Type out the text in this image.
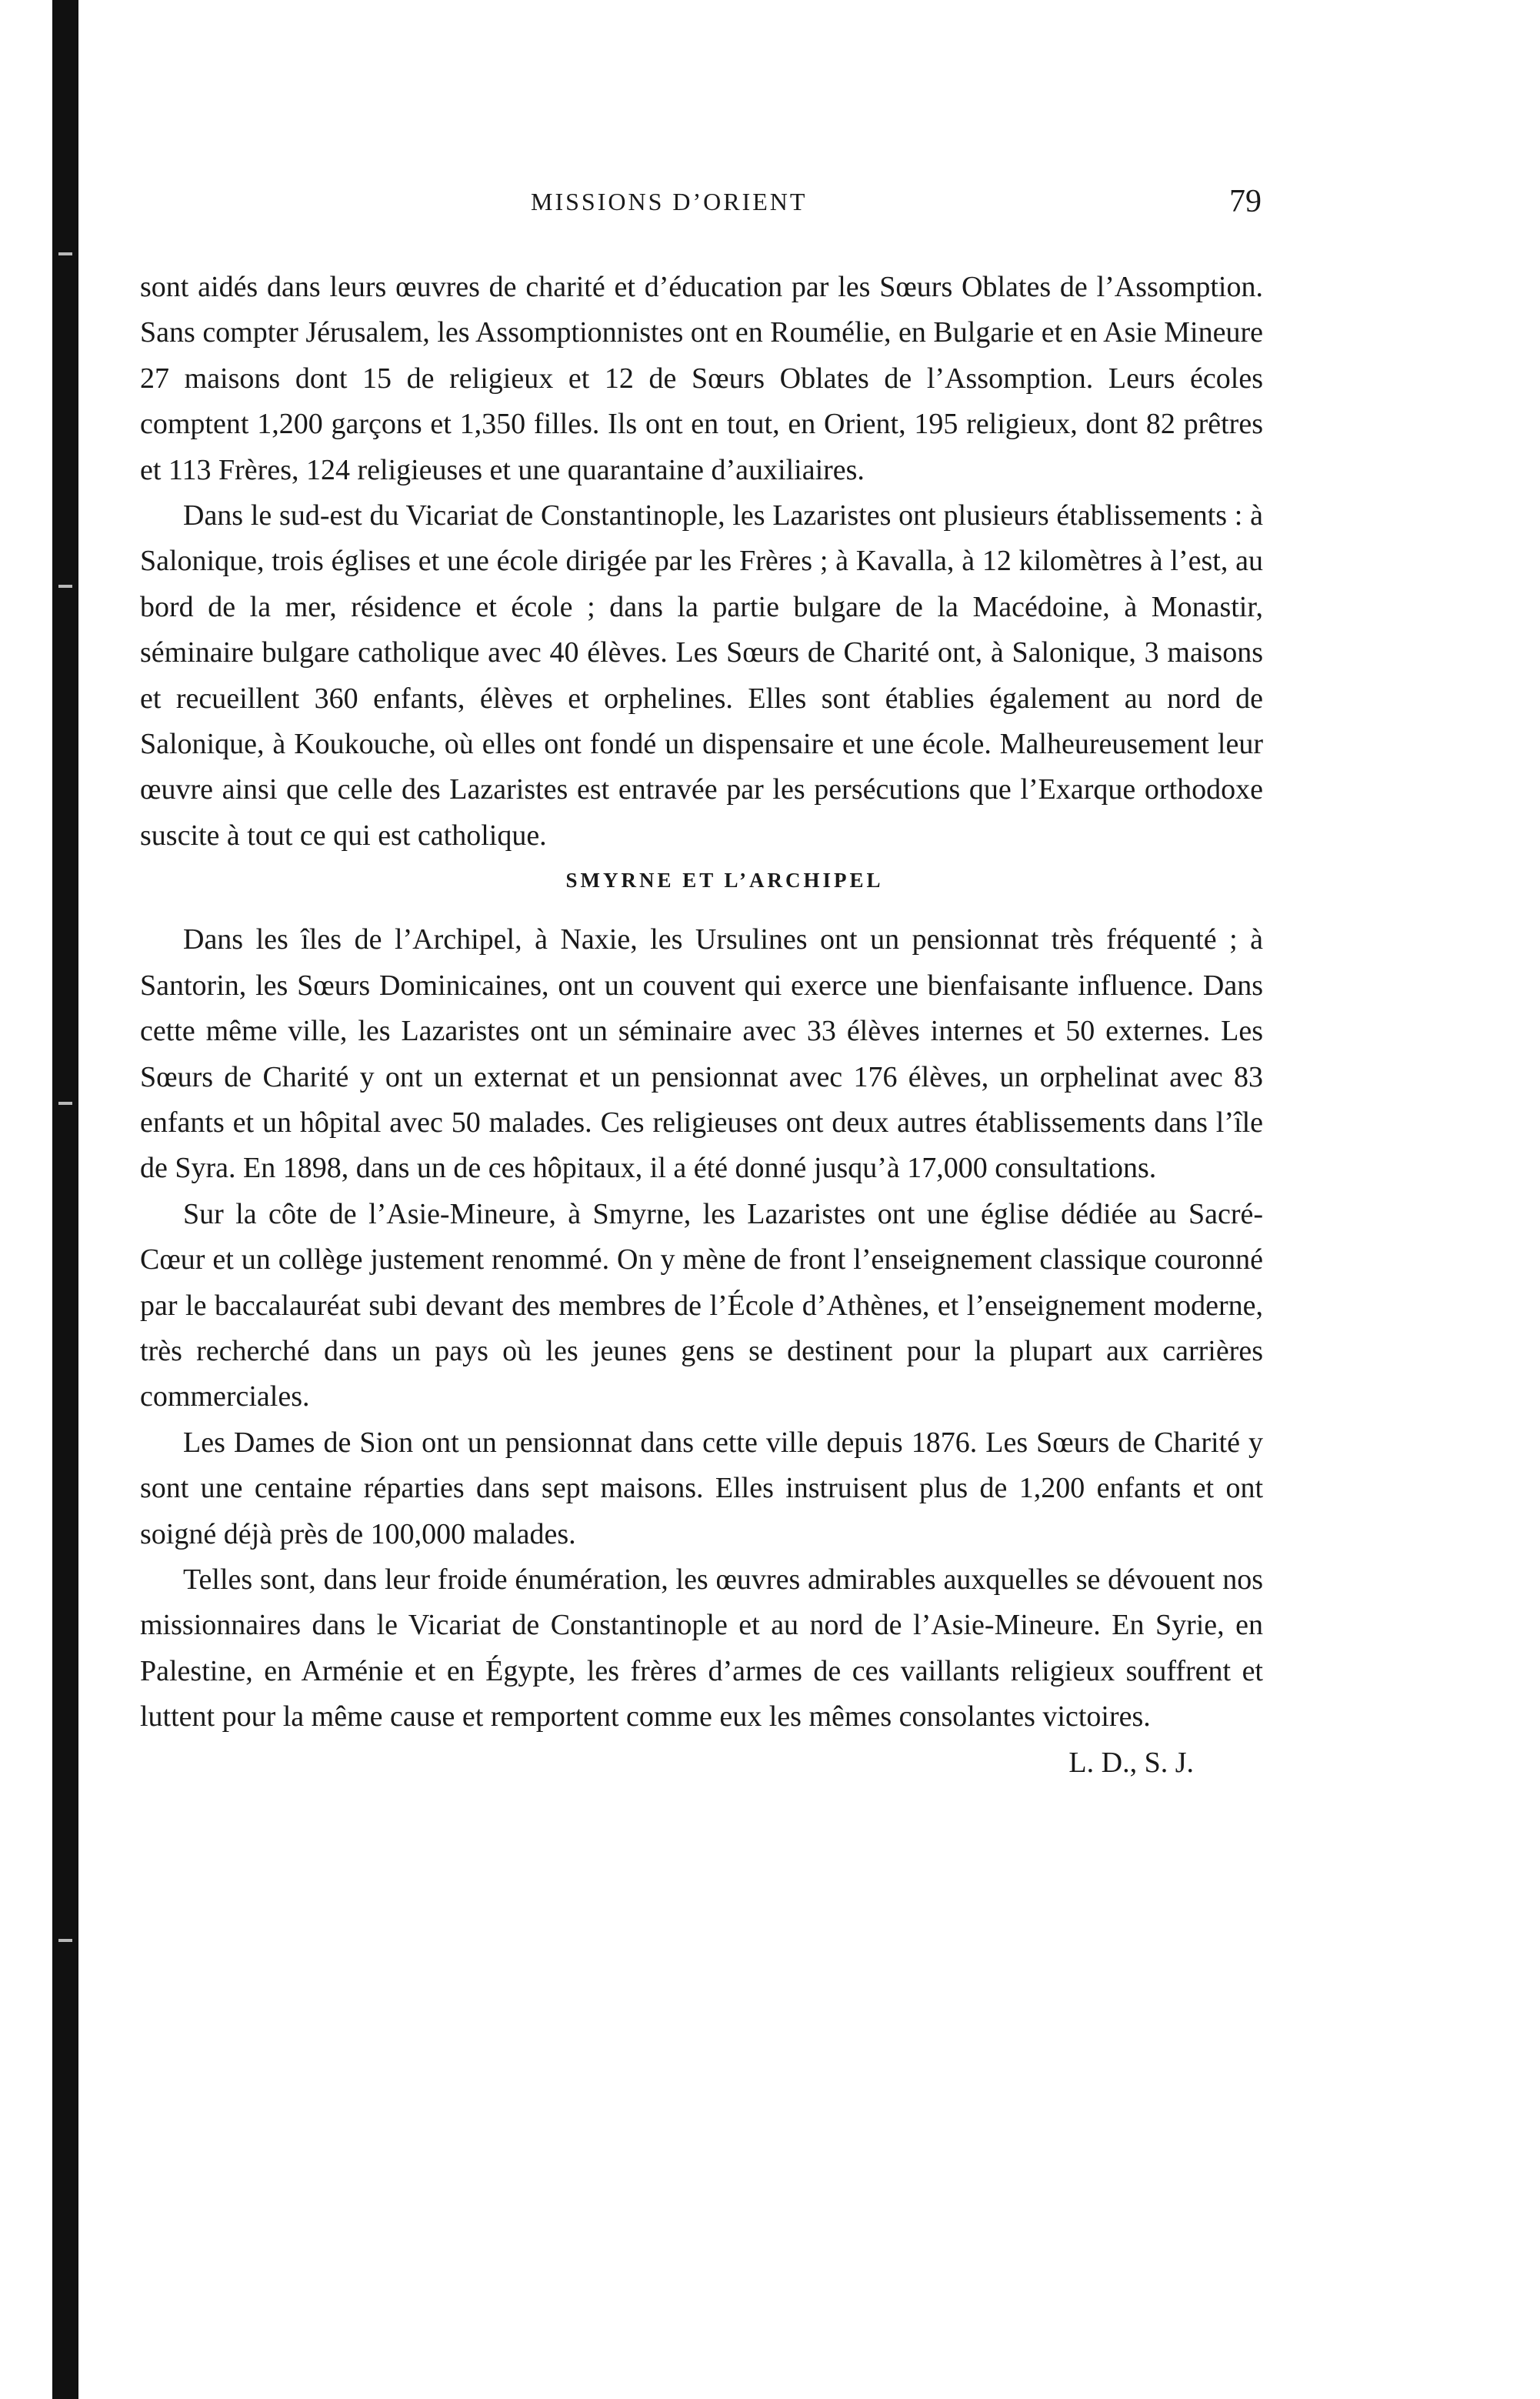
MISSIONS D’ORIENT	79

sont aidés dans leurs œuvres de charité et d’éducation par les Sœurs Oblates de l’Assomption. Sans compter Jérusalem, les Assomptionnistes ont en Roumélie, en Bulgarie et en Asie Mineure 27 maisons dont 15 de religieux et 12 de Sœurs Oblates de l’Assomption. Leurs écoles comptent 1,200 garçons et 1,350 filles. Ils ont en tout, en Orient, 195 religieux, dont 82 prêtres et 113 Frères, 124 religieuses et une quarantaine d’auxiliaires.

Dans le sud-est du Vicariat de Constantinople, les Lazaristes ont plusieurs établissements : à Salonique, trois églises et une école dirigée par les Frères ; à Kavalla, à 12 kilomètres à l’est, au bord de la mer, résidence et école ; dans la partie bulgare de la Macédoine, à Monastir, séminaire bulgare catholique avec 40 élèves. Les Sœurs de Charité ont, à Salonique, 3 maisons et recueillent 360 enfants, élèves et orphelines. Elles sont établies également au nord de Salonique, à Koukouche, où elles ont fondé un dispensaire et une école. Malheureusement leur œuvre ainsi que celle des Lazaristes est entravée par les persécutions que l’Exarque orthodoxe suscite à tout ce qui est catholique.

SMYRNE ET L’ARCHIPEL

Dans les îles de l’Archipel, à Naxie, les Ursulines ont un pensionnat très fréquenté ; à Santorin, les Sœurs Dominicaines, ont un couvent qui exerce une bienfaisante influence. Dans cette même ville, les Lazaristes ont un séminaire avec 33 élèves internes et 50 externes. Les Sœurs de Charité y ont un externat et un pensionnat avec 176 élèves, un orphelinat avec 83 enfants et un hôpital avec 50 malades. Ces religieuses ont deux autres établissements dans l’île de Syra. En 1898, dans un de ces hôpitaux, il a été donné jusqu’à 17,000 consultations.

Sur la côte de l’Asie-Mineure, à Smyrne, les Lazaristes ont une église dédiée au Sacré-Cœur et un collège justement renommé. On y mène de front l’enseignement classique couronné par le baccalauréat subi devant des membres de l’École d’Athènes, et l’enseignement moderne, très recherché dans un pays où les jeunes gens se destinent pour la plupart aux carrières commerciales.

Les Dames de Sion ont un pensionnat dans cette ville depuis 1876. Les Sœurs de Charité y sont une centaine réparties dans sept maisons. Elles instruisent plus de 1,200 enfants et ont soigné déjà près de 100,000 malades.

Telles sont, dans leur froide énumération, les œuvres admirables auxquelles se dévouent nos missionnaires dans le Vicariat de Constantinople et au nord de l’Asie-Mineure. En Syrie, en Palestine, en Arménie et en Égypte, les frères d’armes de ces vaillants religieux souffrent et luttent pour la même cause et remportent comme eux les mêmes consolantes victoires.

L. D., S. J.
